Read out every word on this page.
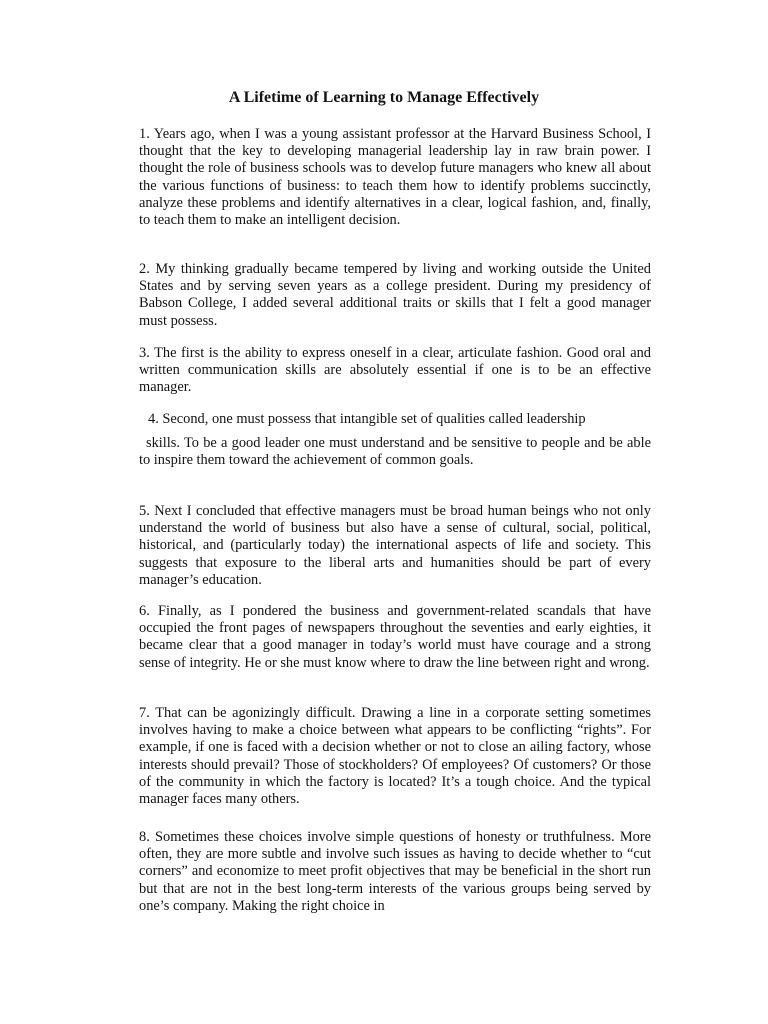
A Lifetime of Learning to Manage Effectively

1. Years ago, when I was a young assistant professor at the Harvard Business School, I thought that the key to developing managerial leadership lay in raw brain power. I thought the role of business schools was to develop future managers who knew all about the various functions of business: to teach them how to identify problems succinctly, analyze these problems and identify alternatives in a clear, logical fashion, and, finally, to teach them to make an intelligent decision.

2. My thinking gradually became tempered by living and working outside the United States and by serving seven years as a college president. During my presidency of Babson College, I added several additional traits or skills that I felt a good manager must possess.

3. The first is the ability to express oneself in a clear, articulate fashion. Good oral and written communication skills are absolutely essential if one is to be an effective manager.

4. Second, one must possess that intangible set of qualities called leadership

skills. To be a good leader one must understand and be sensitive to people and be able to inspire them toward the achievement of common goals.

5. Next I concluded that effective managers must be broad human beings who not only understand the world of business but also have a sense of cultural, social, political, historical, and (particularly today) the international aspects of life and society. This suggests that exposure to the liberal arts and humanities should be part of every manager’s education.

6. Finally, as I pondered the business and government-related scandals that have occupied the front pages of newspapers throughout the seventies and early eighties, it became clear that a good manager in today’s world must have courage and a strong sense of integrity. He or she must know where to draw the line between right and wrong.

7. That can be agonizingly difficult. Drawing a line in a corporate setting sometimes involves having to make a choice between what appears to be conflicting “rights”. For example, if one is faced with a decision whether or not to close an ailing factory, whose interests should prevail? Those of stockholders? Of employees? Of customers? Or those of the community in which the factory is located? It’s a tough choice. And the typical manager faces many others.

8. Sometimes these choices involve simple questions of honesty or truthfulness. More often, they are more subtle and involve such issues as having to decide whether to “cut corners” and economize to meet profit objectives that may be beneficial in the short run but that are not in the best long-term interests of the various groups being served by one’s company. Making the right choice in
